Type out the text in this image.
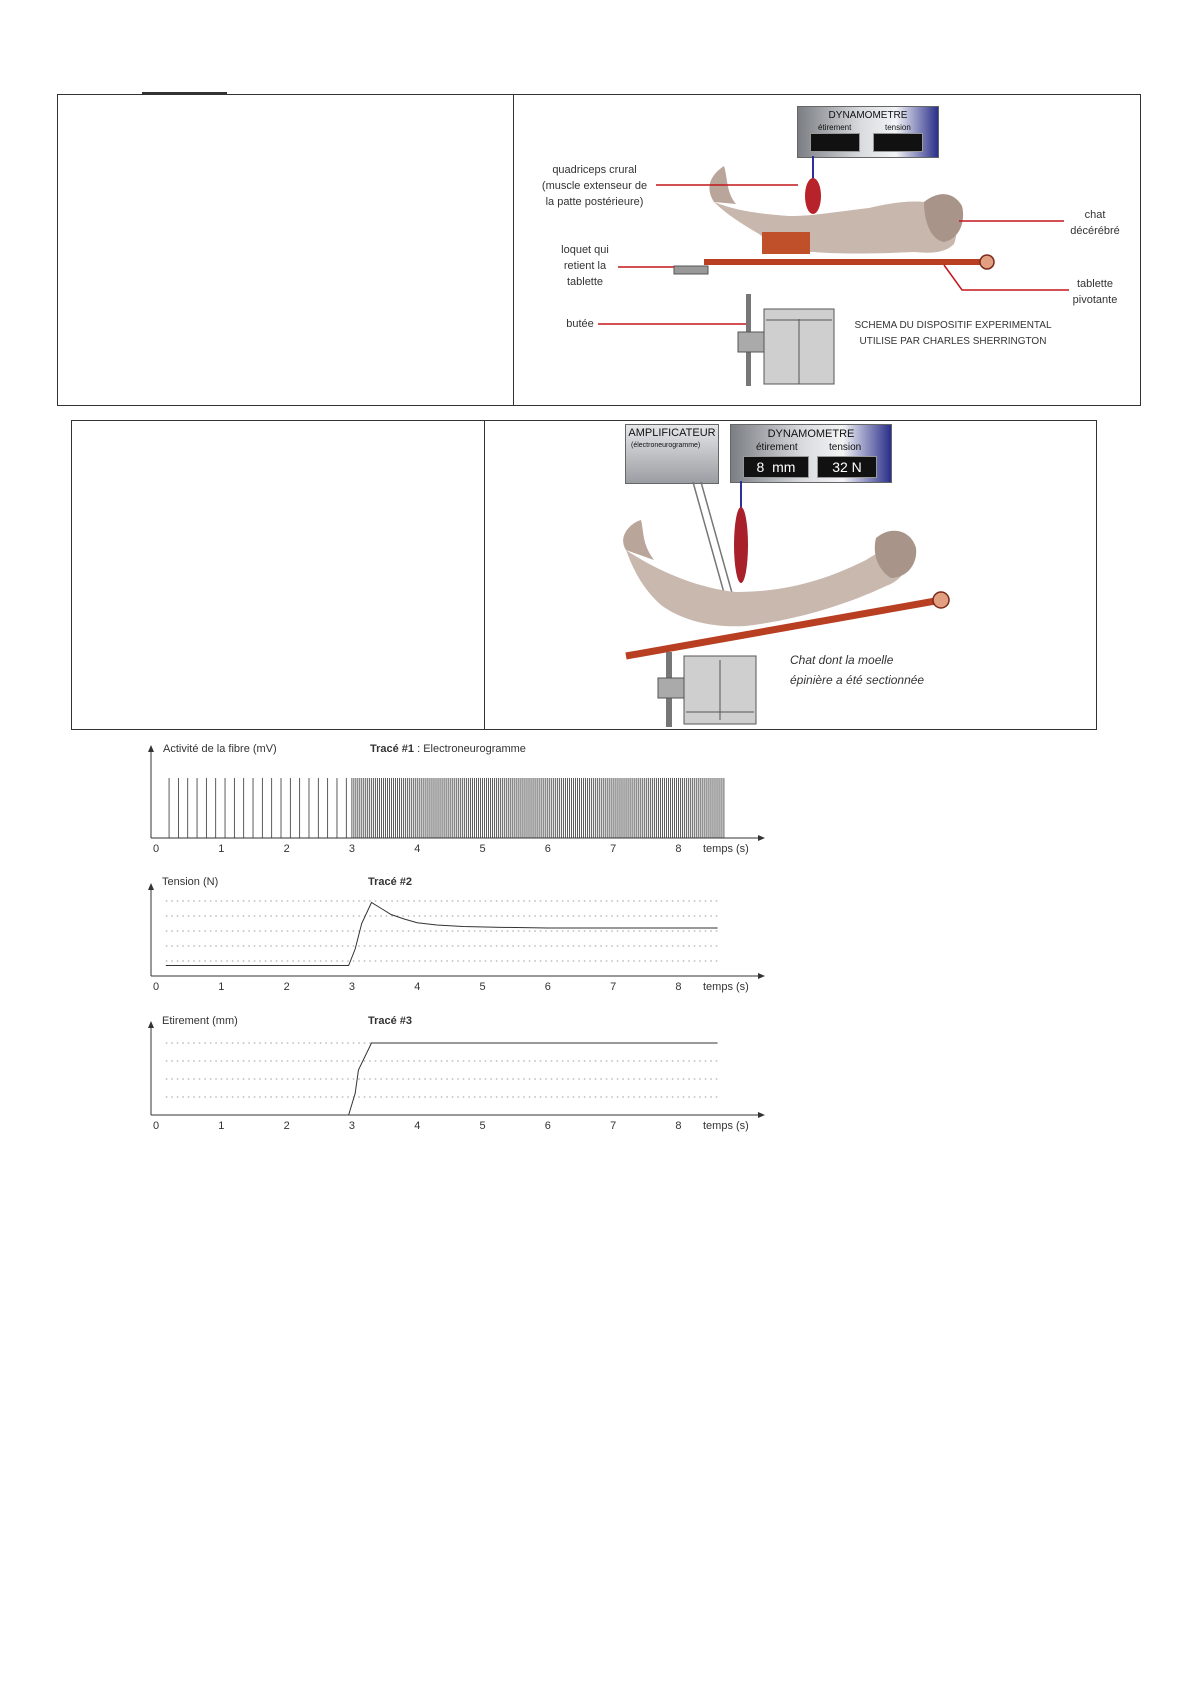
DYNAMOMETRE
étirement	tension
quadriceps crural
(muscle extenseur de
la patte postérieure)
loquet qui
retient la
tablette
butée
chat
décérébré
tablette
pivotante
SCHEMA DU DISPOSITIF EXPERIMENTAL
UTILISE PAR CHARLES SHERRINGTON
AMPLIFICATEUR
(électroneurogramme)
DYNAMOMETRE
étirement	tension
8  mm	32 N
Chat dont la moelle
épinière a été sectionnée
Activité de la fibre (mV)	Tracé #1 : Electroneurogramme
0	1	2	3	4	5	6	7	8 temps (s)
Tension (N)	Tracé #2
0	1	2	3	4	5	6	7	8 temps (s)
Etirement (mm)	Tracé #3
0	1	2	3	4	5	6	7	8 temps (s)
